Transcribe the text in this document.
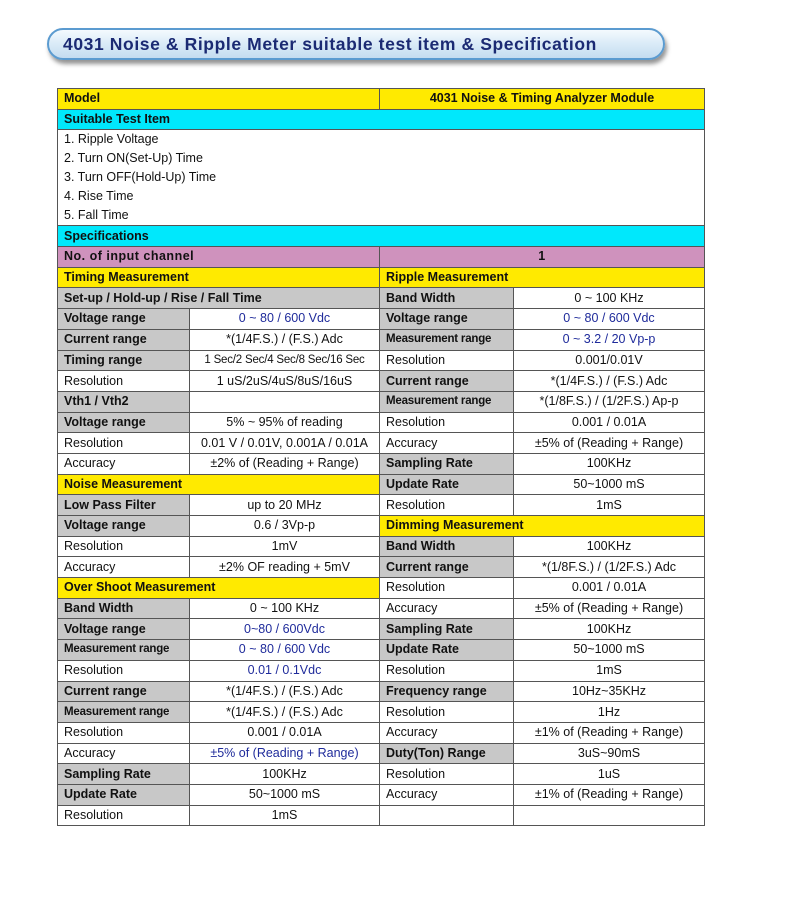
4031 Noise & Ripple Meter suitable test item & Specification
Model		4031 Noise & Timing Analyzer Module	
Suitable Test Item			

1. Ripple Voltage
2. Turn ON(Set-Up) Time
3. Turn OFF(Hold-Up) Time
4. Rise Time
5. Fall Time			

Specifications			
No. of input channel		1	
Timing Measurement		Ripple Measurement	
Set-up / Hold-up / Rise / Fall Time		Band Width	0 ~ 100 KHz
Voltage range	0 ~ 80 / 600 Vdc	Voltage range	0 ~ 80 / 600 Vdc
Current range	*(1/4F.S.) / (F.S.) Adc	Measurement range	0 ~ 3.2 / 20 Vp-p
Timing range	1 Sec/2 Sec/4 Sec/8 Sec/16 Sec	Resolution	0.001/0.01V
Resolution	1 uS/2uS/4uS/8uS/16uS	Current range	*(1/4F.S.) / (F.S.) Adc
Vth1 / Vth2		Measurement range	*(1/8F.S.) / (1/2F.S.) Ap-p
Voltage range	5% ~ 95% of reading	Resolution	0.001 / 0.01A
Resolution	0.01 V / 0.01V, 0.001A / 0.01A	Accuracy	±5% of (Reading + Range)
Accuracy	±2% of (Reading + Range)	Sampling Rate	100KHz
Noise Measurement		Update Rate	50~1000 mS
Low Pass Filter	up to 20 MHz	Resolution	1mS
Voltage range	0.6 / 3Vp-p	Dimming Measurement	
Resolution	1mV	Band Width	100KHz
Accuracy	±2% OF reading + 5mV	Current range	*(1/8F.S.) / (1/2F.S.) Adc
Over Shoot Measurement		Resolution	0.001 / 0.01A
Band Width	0 ~ 100 KHz	Accuracy	±5% of (Reading + Range)
Voltage range	0~80 / 600Vdc	Sampling Rate	100KHz
Measurement range	0 ~ 80 / 600 Vdc	Update Rate	50~1000 mS
Resolution	0.01 / 0.1Vdc	Resolution	1mS
Current range	*(1/4F.S.) / (F.S.) Adc	Frequency range	10Hz~35KHz
Measurement range	*(1/4F.S.) / (F.S.) Adc	Resolution	1Hz
Resolution	0.001 / 0.01A	Accuracy	±1% of (Reading + Range)
Accuracy	±5% of (Reading + Range)	Duty(Ton) Range	3uS~90mS
Sampling Rate	100KHz	Resolution	1uS
Update Rate	50~1000 mS	Accuracy	±1% of (Reading + Range)
Resolution	1mS		
